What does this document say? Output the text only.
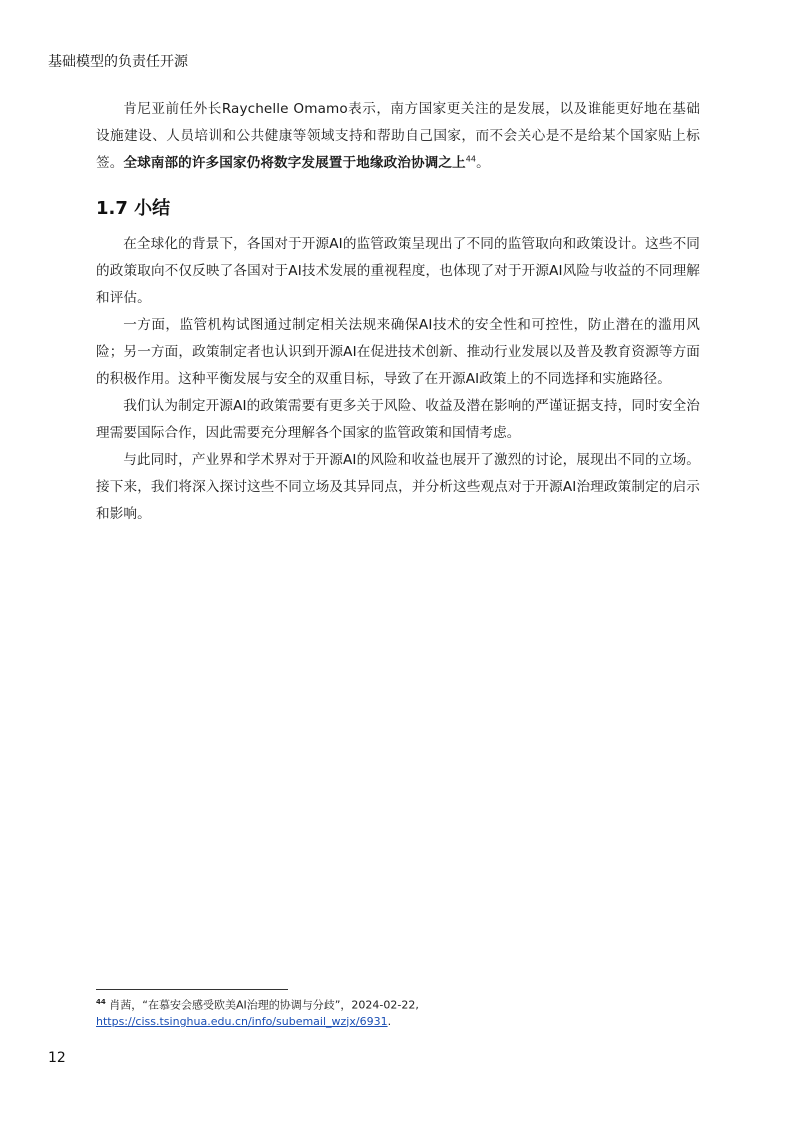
基础模型的负责任开源

肯尼亚前任外长Raychelle Omamo表示，南方国家更关注的是发展，以及谁能更好地在基础设施建设、人员培训和公共健康等领域支持和帮助自己国家，而不会关心是不是给某个国家贴上标签。全球南部的许多国家仍将数字发展置于地缘政治协调之上$^{44}$。

1.7 小结

在全球化的背景下，各国对于开源AI的监管政策呈现出了不同的监管取向和政策设计。这些不同的政策取向不仅反映了各国对于AI技术发展的重视程度，也体现了对于开源AI风险与收益的不同理解和评估。

一方面，监管机构试图通过制定相关法规来确保AI技术的安全性和可控性，防止潜在的滥用风险；另一方面，政策制定者也认识到开源AI在促进技术创新、推动行业发展以及普及教育资源等方面的积极作用。这种平衡发展与安全的双重目标，导致了在开源AI政策上的不同选择和实施路径。

我们认为制定开源AI的政策需要有更多关于风险、收益及潜在影响的严谨证据支持，同时安全治理需要国际合作，因此需要充分理解各个国家的监管政策和国情考虑。

与此同时，产业界和学术界对于开源AI的风险和收益也展开了激烈的讨论，展现出不同的立场。接下来，我们将深入探讨这些不同立场及其异同点，并分析这些观点对于开源AI治理政策制定的启示和影响。

$^{44}$ 肖茜，“在慕安会感受欧美AI治理的协调与分歧”，2024-02-22,
https://ciss.tsinghua.edu.cn/info/subemail_wzjx/6931.
12
